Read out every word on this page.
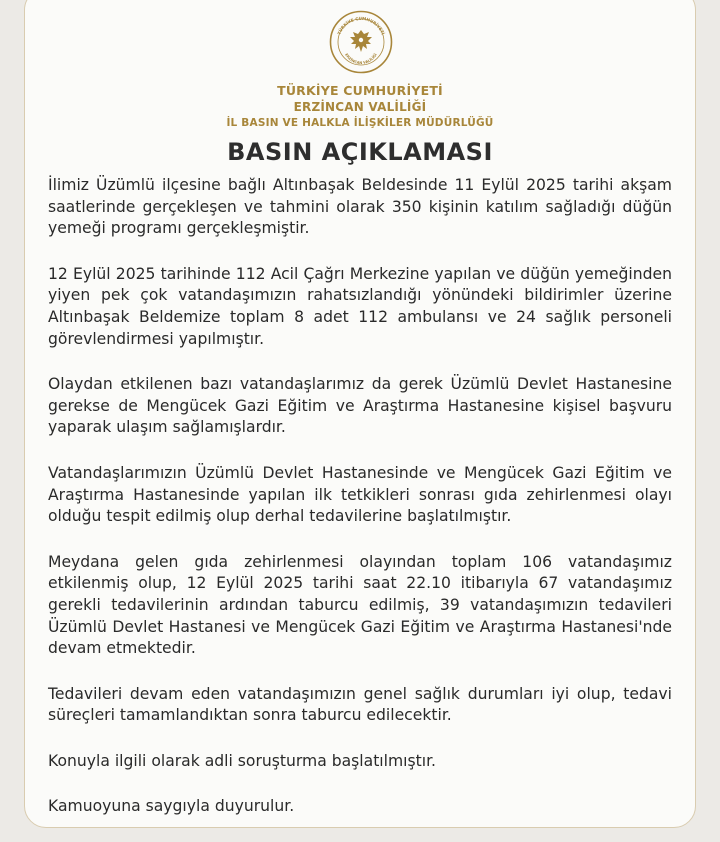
TÜRKİYE CUMHURİYETİ
ERZİNCAN VALİLİĞİ
TÜRKİYE CUMHURİYETİ
ERZİNCAN VALİLİĞİ
İL BASIN VE HALKLA İLİŞKİLER MÜDÜRLÜĞÜ
BASIN AÇIKLAMASI

İlimiz Üzümlü ilçesine bağlı Altınbaşak Beldesinde 11 Eylül 2025 tarihi akşam saatlerinde gerçekleşen ve tahmini olarak 350 kişinin katılım sağladığı düğün yemeği programı gerçekleşmiştir.

12 Eylül 2025 tarihinde 112 Acil Çağrı Merkezine yapılan ve düğün yemeğinden yiyen pek çok vatandaşımızın rahatsızlandığı yönündeki bildirimler üzerine Altınbaşak Beldemize toplam 8 adet 112 ambulansı ve 24 sağlık personeli görevlendirmesi yapılmıştır.

Olaydan etkilenen bazı vatandaşlarımız da gerek Üzümlü Devlet Hastanesine gerekse de Mengücek Gazi Eğitim ve Araştırma Hastanesine kişisel başvuru yaparak ulaşım sağlamışlardır.

Vatandaşlarımızın Üzümlü Devlet Hastanesinde ve Mengücek Gazi Eğitim ve Araştırma Hastanesinde yapılan ilk tetkikleri sonrası gıda zehirlenmesi olayı olduğu tespit edilmiş olup derhal tedavilerine başlatılmıştır.

Meydana gelen gıda zehirlenmesi olayından toplam 106 vatandaşımız etkilenmiş olup, 12 Eylül 2025 tarihi saat 22.10 itibarıyla 67 vatandaşımız gerekli tedavilerinin ardından taburcu edilmiş, 39 vatandaşımızın tedavileri Üzümlü Devlet Hastanesi ve Mengücek Gazi Eğitim ve Araştırma Hastanesi'nde devam etmektedir.

Tedavileri devam eden vatandaşımızın genel sağlık durumları iyi olup, tedavi süreçleri tamamlandıktan sonra taburcu edilecektir.

Konuyla ilgili olarak adli soruşturma başlatılmıştır.

Kamuoyuna saygıyla duyurulur.
